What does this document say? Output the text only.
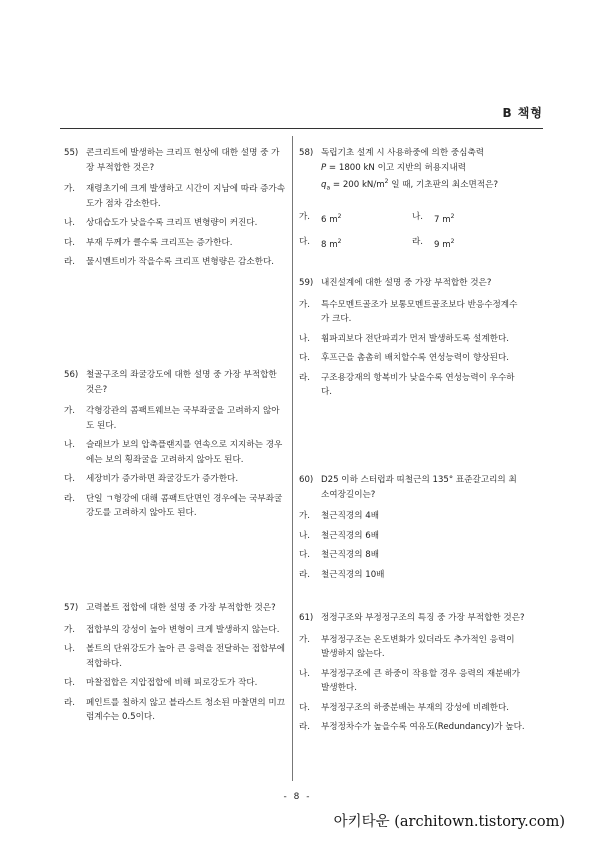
B 책형
55) 콘크리트에 발생하는 크리프 현상에 대한 설명 중 가장 부적합한 것은?
가.	재령초기에 크게 발생하고 시간이 지남에 따라 증가속도가 점차 감소한다.
나.	상대습도가 낮을수록 크리프 변형량이 커진다.
다.	부재 두께가 클수록 크리프는 증가한다.
라.	물시멘트비가 작을수록 크리프 변형량은 감소한다.
56) 철골구조의 좌굴강도에 대한 설명 중 가장 부적합한 것은?
가.	각형강관의 콤팩트웨브는 국부좌굴을 고려하지 않아도 된다.
나.	슬래브가 보의 압축플랜지를 연속으로 지지하는 경우에는 보의 횡좌굴을 고려하지 않아도 된다.
다.	세장비가 증가하면 좌굴강도가 증가한다.
라.	단일 ㄱ형강에 대해 콤팩트단면인 경우에는 국부좌굴강도를 고려하지 않아도 된다.
57) 고력볼트 접합에 대한 설명 중 가장 부적합한 것은?
가.	접합부의 강성이 높아 변형이 크게 발생하지 않는다.
나.	볼트의 단위강도가 높아 큰 응력을 전달하는 접합부에 적합하다.
다.	마찰접합은 지압접합에 비해 피로강도가 작다.
라.	페인트를 칠하지 않고 블라스트 청소된 마찰면의 미끄럼계수는 0.5이다.
58) 독립기초 설계 시 사용하중에 의한 중심축력
P = 1800 kN 이고 지반의 허용지내력
$q_a = 200$ $kN/m^2$ 일 때, 기초판의 최소면적은?
가.	6 $m^2$	나.	7 $m^2$
다.	8 $m^2$	라.	9 $m^2$
59) 내진설계에 대한 설명 중 가장 부적합한 것은?
가.	특수모멘트골조가 보통모멘트골조보다 반응수정계수가 크다.
나.	휨파괴보다 전단파괴가 먼저 발생하도록 설계한다.
다.	후프근을 촘촘히 배치할수록 연성능력이 향상된다.
라.	구조용강재의 항복비가 낮을수록 연성능력이 우수하다.
60) D25 이하 스터럽과 띠철근의 135° 표준갈고리의 최소여장길이는?
가.	철근직경의 4배
나.	철근직경의 6배
다.	철근직경의 8배
라.	철근직경의 10배
61) 정정구조와 부정정구조의 특징 중 가장 부적합한 것은?
가.	부정정구조는 온도변화가 있더라도 추가적인 응력이 발생하지 않는다.
나.	부정정구조에 큰 하중이 작용할 경우 응력의 재분배가 발생한다.
다.	부정정구조의 하중분배는 부재의 강성에 비례한다.
라.	부정정차수가 높을수록 여유도(Redundancy)가 높다.
- 8 -
아키타운 (architown.tistory.com)
